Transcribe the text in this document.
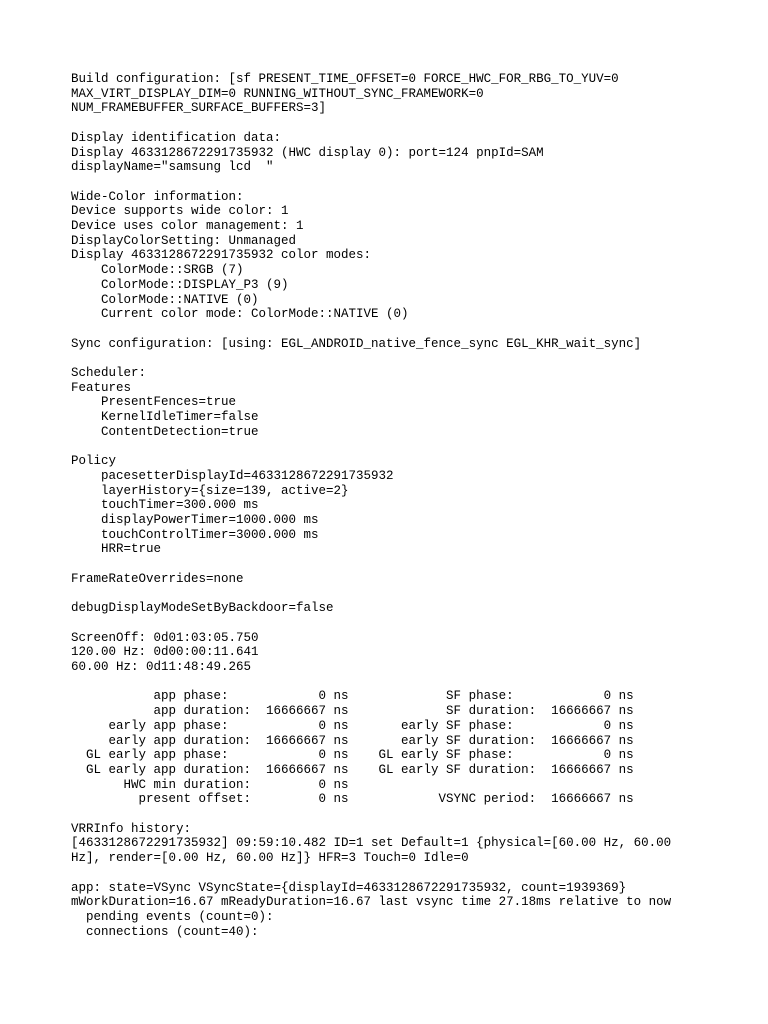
Build configuration: [sf PRESENT_TIME_OFFSET=0 FORCE_HWC_FOR_RBG_TO_YUV=0
MAX_VIRT_DISPLAY_DIM=0 RUNNING_WITHOUT_SYNC_FRAMEWORK=0
NUM_FRAMEBUFFER_SURFACE_BUFFERS=3]
Display identification data:
Display 4633128672291735932 (HWC display 0): port=124 pnpId=SAM
displayName="samsung lcd  "
Wide-Color information:
Device supports wide color: 1
Device uses color management: 1
DisplayColorSetting: Unmanaged
Display 4633128672291735932 color modes:
ColorMode::SRGB (7)
ColorMode::DISPLAY_P3 (9)
ColorMode::NATIVE (0)
Current color mode: ColorMode::NATIVE (0)
Sync configuration: [using: EGL_ANDROID_native_fence_sync EGL_KHR_wait_sync]
Scheduler:
Features
PresentFences=true
KernelIdleTimer=false
ContentDetection=true
Policy
pacesetterDisplayId=4633128672291735932
layerHistory={size=139, active=2}
touchTimer=300.000 ms
displayPowerTimer=1000.000 ms
touchControlTimer=3000.000 ms
HRR=true
FrameRateOverrides=none
debugDisplayModeSetByBackdoor=false
ScreenOff: 0d01:03:05.750
120.00 Hz: 0d00:00:11.641
60.00 Hz: 0d11:48:49.265
app phase:            0 ns             SF phase:            0 ns
app duration:  16666667 ns             SF duration:  16666667 ns
early app phase:            0 ns       early SF phase:            0 ns
early app duration:  16666667 ns       early SF duration:  16666667 ns
GL early app phase:            0 ns    GL early SF phase:            0 ns
GL early app duration:  16666667 ns    GL early SF duration:  16666667 ns
HWC min duration:         0 ns
present offset:         0 ns            VSYNC period:  16666667 ns
VRRInfo history:
[4633128672291735932] 09:59:10.482 ID=1 set Default=1 {physical=[60.00 Hz, 60.00
Hz], render=[0.00 Hz, 60.00 Hz]} HFR=3 Touch=0 Idle=0
app: state=VSync VSyncState={displayId=4633128672291735932, count=1939369}
mWorkDuration=16.67 mReadyDuration=16.67 last vsync time 27.18ms relative to now
pending events (count=0):
connections (count=40):
